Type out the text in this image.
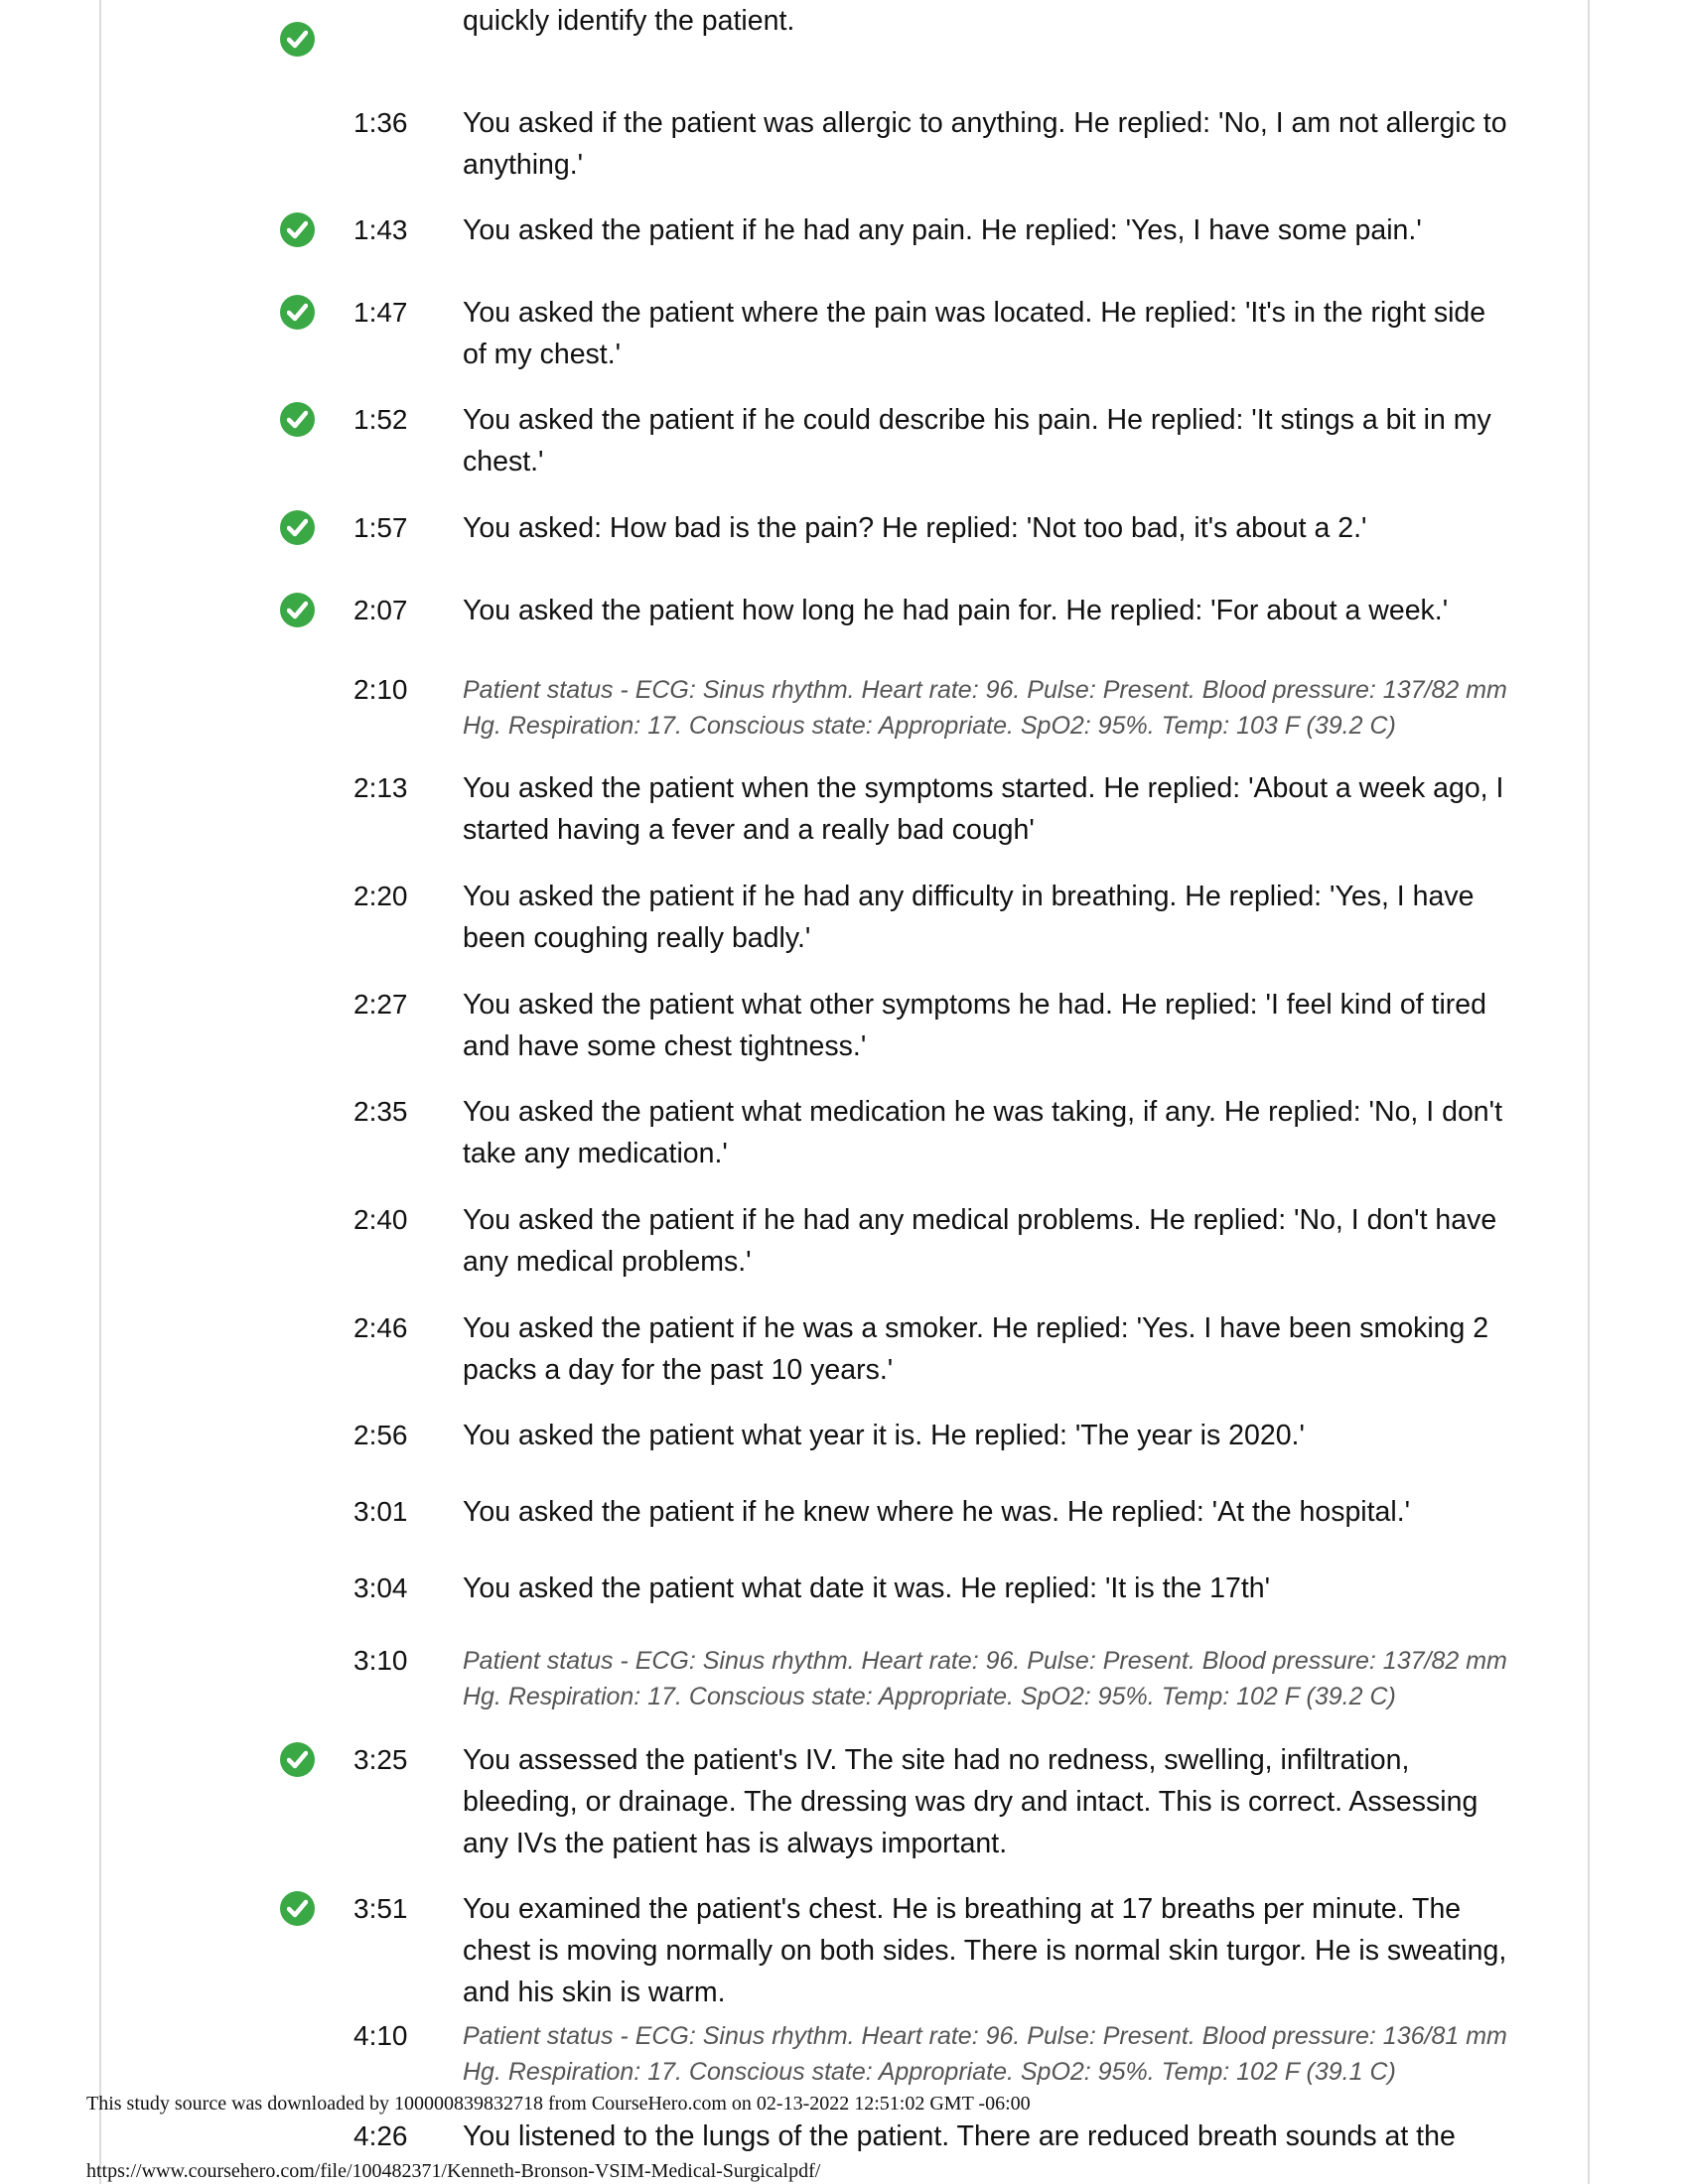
quickly identify the patient.
1:36 You asked if the patient was allergic to anything. He replied: 'No, I am not allergic to anything.'
1:43 You asked the patient if he had any pain. He replied: 'Yes, I have some pain.'
1:47 You asked the patient where the pain was located. He replied: 'It's in the right side of my chest.'
1:52 You asked the patient if he could describe his pain. He replied: 'It stings a bit in my chest.'
1:57 You asked: How bad is the pain? He replied: 'Not too bad, it's about a 2.'
2:07 You asked the patient how long he had pain for. He replied: 'For about a week.'
2:10 Patient status - ECG: Sinus rhythm. Heart rate: 96. Pulse: Present. Blood pressure: 137/82 mm Hg. Respiration: 17. Conscious state: Appropriate. SpO2: 95%. Temp: 103 F (39.2 C)
2:13 You asked the patient when the symptoms started. He replied: 'About a week ago, I started having a fever and a really bad cough'
2:20 You asked the patient if he had any difficulty in breathing. He replied: 'Yes, I have been coughing really badly.'
2:27 You asked the patient what other symptoms he had. He replied: 'I feel kind of tired and have some chest tightness.'
2:35 You asked the patient what medication he was taking, if any. He replied: 'No, I don't take any medication.'
2:40 You asked the patient if he had any medical problems. He replied: 'No, I don't have any medical problems.'
2:46 You asked the patient if he was a smoker. He replied: 'Yes. I have been smoking 2 packs a day for the past 10 years.'
2:56 You asked the patient what year it is. He replied: 'The year is 2020.'
3:01 You asked the patient if he knew where he was. He replied: 'At the hospital.'
3:04 You asked the patient what date it was. He replied: 'It is the 17th'
3:10 Patient status - ECG: Sinus rhythm. Heart rate: 96. Pulse: Present. Blood pressure: 137/82 mm Hg. Respiration: 17. Conscious state: Appropriate. SpO2: 95%. Temp: 102 F (39.2 C)
3:25 You assessed the patient's IV. The site had no redness, swelling, infiltration, bleeding, or drainage. The dressing was dry and intact. This is correct. Assessing any IVs the patient has is always important.
3:51 You examined the patient's chest. He is breathing at 17 breaths per minute. The chest is moving normally on both sides. There is normal skin turgor. He is sweating, and his skin is warm.
4:10 Patient status - ECG: Sinus rhythm. Heart rate: 96. Pulse: Present. Blood pressure: 136/81 mm Hg. Respiration: 17. Conscious state: Appropriate. SpO2: 95%. Temp: 102 F (39.1 C)
4:26 You listened to the lungs of the patient. There are reduced breath sounds at the
This study source was downloaded by 100000839832718 from CourseHero.com on 02-13-2022 12:51:02 GMT -06:00
https://www.coursehero.com/file/100482371/Kenneth-Bronson-VSIM-Medical-Surgicalpdf/
